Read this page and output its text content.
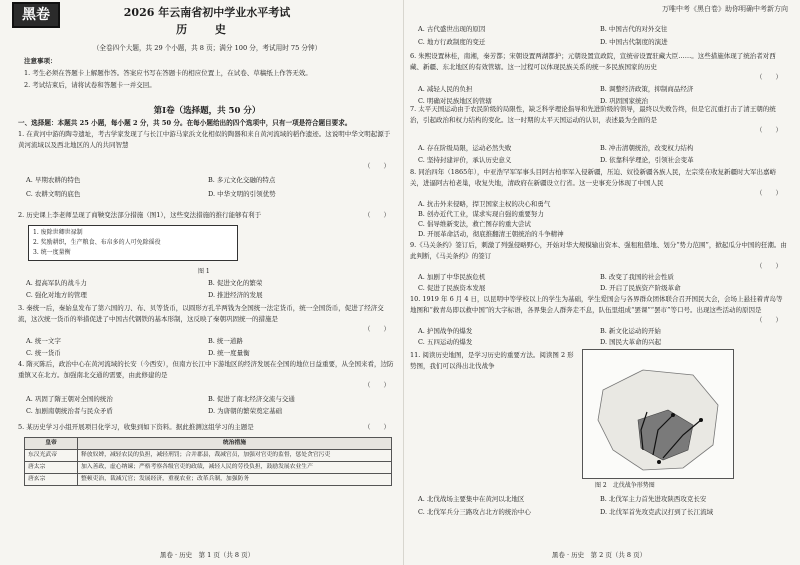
黑卷	万唯中考《黑白卷》助你明确中考新方向
2026 年云南省初中学业水平考试
历 史
（全卷四个大题，共 29 个小题，共 8 页；满分 100 分，考试用时 75 分钟）
注意事项：
1. 考生必须在答题卡上解题作答。答案应书写在答题卡的相应位置上，在试卷、草稿纸上作答无效。
2. 考试结束后，请将试卷和答题卡一并交回。
第Ⅰ卷（选择题，共 50 分）
一、选择题：本题共 25 小题，每小题 2 分，共 50 分。在每小题给出的四个选项中，只有一项是符合题目要求。
1. 在黄河中游的陶寺遗址，考古学家发现了与长江中游马家浜文化相似的陶器和来自黄河流域的稻作遗迹。这说明中华文明起源于黄河流域以及西北地区的人的共同智慧
（　　）
A. 早期农耕的特色	B. 多元文化交融的特点
C. 农耕文明的底色	D. 中华文明的引领优势
2. 历史课上李老师呈现了商鞅变法部分措施（图1），这些变法措施的推行能够有利于	（　　）
1. 废除世卿世禄制
2. 奖励耕织，生产粮食、布帛多的人可免除徭役
3. 统一度量衡
图 1
A. 提高军队的战斗力	B. 促进文化的繁荣
C. 强化对地方的管理	D. 推进经济的发展
3. 秦统一后，秦始皇发布了第六国的刀、布、贝等货币，以圆形方孔半两钱为全国统一法定货币，统一全国货币，促进了经济交流，这次统一货币的举措促进了中国古代钢铁的基本形制，这反映了秦朝巩固统一的措施是
（　　）
A. 统一文字	B. 统一道路
C. 统一货币	D. 统一度量衡
4. 隋灭陈后，政治中心在黄河流域的长安（今西安），但南方长江中下游地区的经济发展在全国的地位日益重要，从全国来看，边防重镇又在北方。加强南北交通的需要，由此修建的是
（　　）
A. 巩固了隋王朝对全国的统治	B. 促进了南北经济交流与交通
C. 加剧南朝统治者与民众矛盾	D. 为唐朝的繁荣奠定基础
5. 某历史学习小组开展项目化学习，收集到如下资料。据此推测这组学习的主题是	（　　）
皇帝	统治措施
东汉光武帝	释放奴婢，减轻农民的负担，减轻刑罚；合并郡县，裁减官员，加强对官吏的监督，惩处贪官污吏
唐太宗	加入善政，虚心纳谏；严格考察各级官吏的政绩，减轻人民的劳役负担，鼓励发展农业生产
唐玄宗	整顿吏治，裁减冗官；发展经济，重视农业；改革兵制，加强防务
黑卷 · 历史　第 1 页（共 8 页）
A. 古代盛世出现的原因	B. 中国古代的对外交往
C. 地方行政制度的变迁	D. 中国古代制度的演进
6. 朱熙设置林桂，南湘，秦芳都；宋朝设置两湖都护；元朝设置宣政院，宣统帝设置驻藏大臣……。这些措施体现了统治者对西藏、新疆、东北地区的有效管辖。这一过程可以体现民族关系的统一多民族国家的历史
（　　）
A. 减轻人民的负担	B. 调整经济政策，抑制商品经济
C. 明确对民族地区的管辖	D. 巩固国家统治
7. 太平天国运动由于农民阶级的局限性，缺乏科学理论指导和先进阶级的领导，最终以失败告终，但是它沉重打击了清王朝的统治，引起政治和权力结构的变化。这一时期的太平天国运动的认识，表述最为全面的是
（　　）
A. 存在阶级局限，运动必然失败	B. 冲击清朝统治，改变权力结构
C. 坚持封建评价，承认历史意义	D. 依靠科学理论，引领社会变革
8. 同治四年（1865年），中亚浩罕军军事头目阿古柏率军入侵新疆，压迫、奴役新疆各族人民，左宗棠在收复新疆时大军出嘉峪关，进逼阿古柏老巢，收复失地，清政府在新疆设立行省。这一史事充分体现了中国人民
（　　）
A. 抗击外来侵略，捍卫国家主权的决心和勇气
B. 创办近代工业，谋求实现自强的重要努力
C. 倡导维新变法，救亡图存的重大尝试
D. 开展革命活动，彻底推翻清王朝统治的斗争精神
9.《马关条约》签订后，刺激了列强侵略野心，开始对华大规模输出资本、强租租借地、划分“势力范围”，掀起瓜分中国的狂潮。由此判断，《马关条约》的签订
（　　）
A. 加剧了中华民族危机	B. 改变了我国的社会性质
C. 促进了民族资本发展	D. 开启了民族资产阶级革命
10. 1919 年 6 月 4 日，以昆明中等学校以上的学生为基础，学生爱国会与各界群众团体联合召开国民大会，会场上悬挂着青岛等地图和“救青岛即以救中国”的大字标语，各界集会人群奔走不息，队伍里组成“罢课”“罢市”等口号。出现这些活动的原因是
（　　）
A. 护国战争的爆发	B. 新文化运动的开始
C. 五四运动的爆发	D. 国民大革命的兴起
11. 阅读历史地图，是学习历史的重要方法。阅读图 2 形势图，我们可以得出北伐战争
图 2　北伐战争形势图
A. 北伐战场主要集中在黄河以北地区	B. 北伐军主力首先进攻陕西攻克长安
C. 北伐军兵分三路攻占北方的统治中心	D. 北伐军首先攻克武汉打到了长江流域
黑卷 · 历史　第 2 页（共 8 页）
